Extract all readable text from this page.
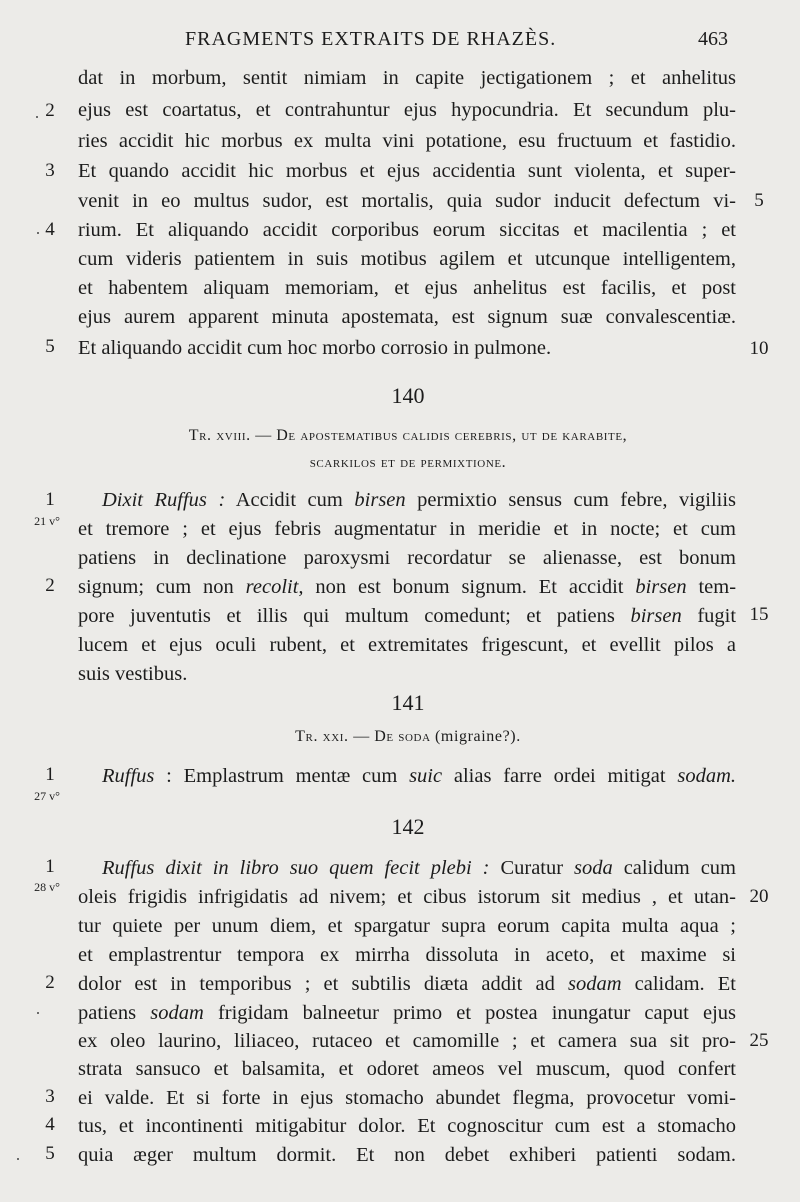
FRAGMENTS EXTRAITS DE RHAZÈS.	463
dat in morbum, sentit nimiam in capite jectigationem ; et anhelitus
ejus est coartatus, et contrahuntur ejus hypocundria. Et secundum plu-
ries accidit hic morbus ex multa vini potatione, esu fructuum et fastidio.
Et quando accidit hic morbus et ejus accidentia sunt violenta, et super-
venit in eo multus sudor, est mortalis, quia sudor inducit defectum vi-
rium. Et aliquando accidit corporibus eorum siccitas et macilentia ; et
cum videris patientem in suis motibus agilem et utcunque intelligentem,
et habentem aliquam memoriam, et ejus anhelitus est facilis, et post
ejus aurem apparent minuta apostemata, est signum suæ convalescentiæ.
Et aliquando accidit cum hoc morbo corrosio in pulmone.
2
3
4
5
5
10
140
Tr. xviii. — De apostematibus calidis cerebris, ut de karabite,
scarkilos et de permixtione.
Dixit Ruffus : Accidit cum birsen permixtio sensus cum febre, vigiliis
et tremore ; et ejus febris augmentatur in meridie et in nocte; et cum
patiens in declinatione paroxysmi recordatur se alienasse, est bonum
signum; cum non recolit, non est bonum signum. Et accidit birsen tem-
pore juventutis et illis qui multum comedunt; et patiens birsen fugit
lucem et ejus oculi rubent, et extremitates frigescunt, et evellit pilos a
suis vestibus.
1
21 v°
2
15
141
Tr. xxi. — De soda (migraine?).
Ruffus : Emplastrum mentæ cum suic alias farre ordei mitigat sodam.
1
27 v°
142
Ruffus dixit in libro suo quem fecit plebi : Curatur soda calidum cum
oleis frigidis infrigidatis ad nivem; et cibus istorum sit medius , et utan-
tur quiete per unum diem, et spargatur supra eorum capita multa aqua ;
et emplastrentur tempora ex mirrha dissoluta in aceto, et maxime si
dolor est in temporibus ; et subtilis diæta addit ad sodam calidam. Et
patiens sodam frigidam balneetur primo et postea inungatur caput ejus
ex oleo laurino, liliaceo, rutaceo et camomille ; et camera sua sit pro-
strata sansuco et balsamita, et odoret ameos vel muscum, quod confert
ei valde. Et si forte in ejus stomacho abundet flegma, provocetur vomi-
tus, et incontinenti mitigabitur dolor. Et cognoscitur cum est a stomacho
quia æger multum dormit. Et non debet exhiberi patienti sodam.
1
28 v°
2
3
4
5
20
25
